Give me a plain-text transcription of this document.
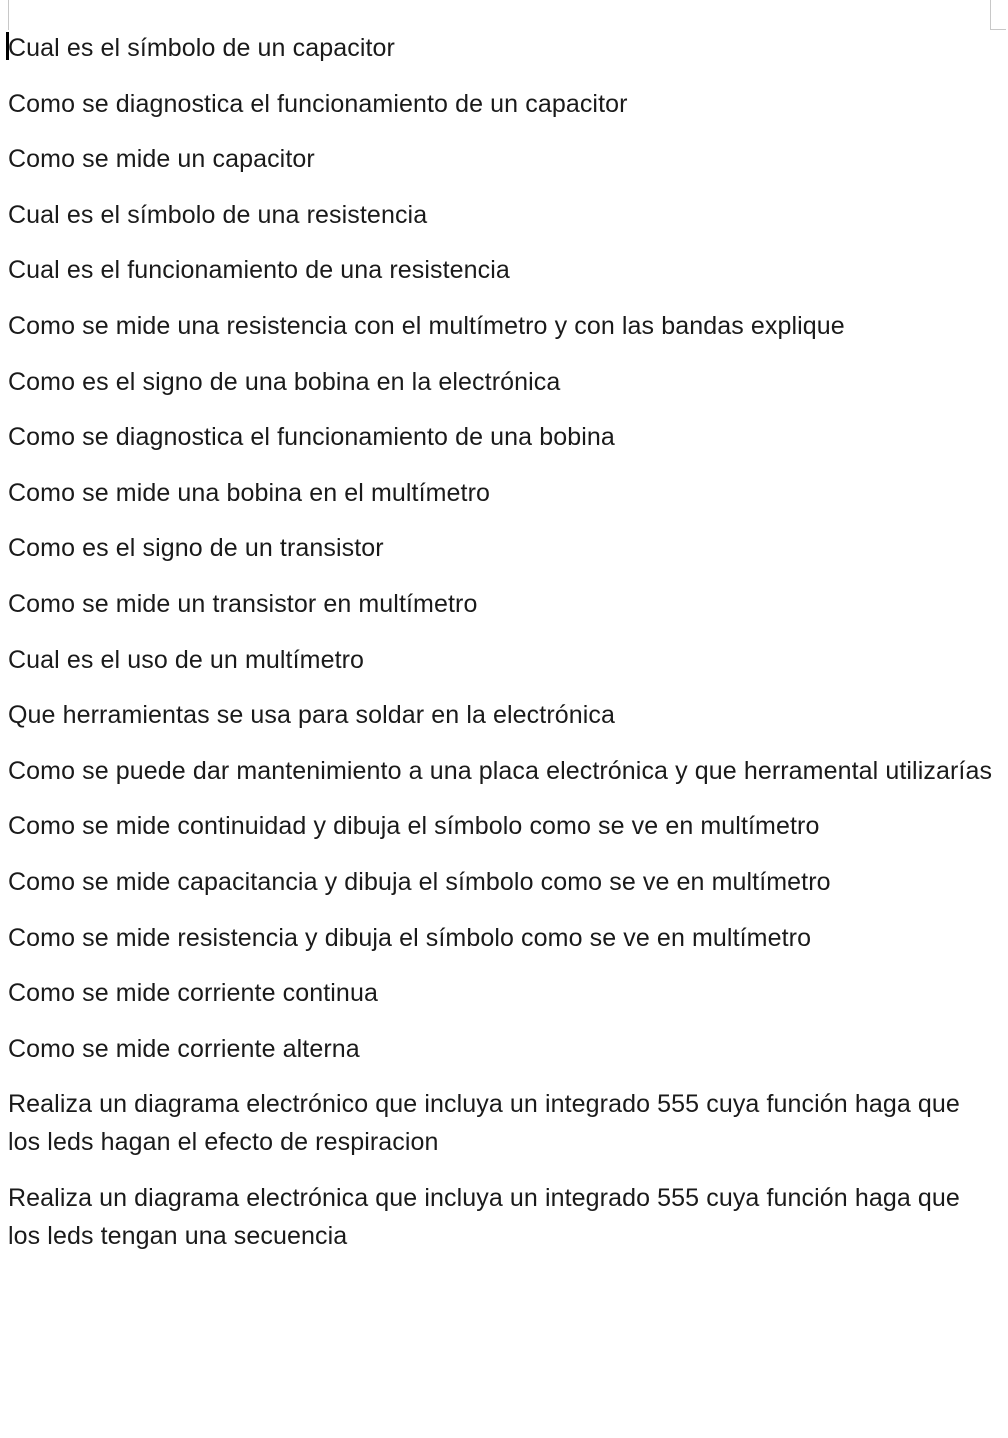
Cual es el símbolo de un capacitor

Como se diagnostica el funcionamiento de un capacitor

Como se mide un capacitor

Cual es el símbolo de una resistencia

Cual es el funcionamiento de una resistencia

Como se mide una resistencia con el multímetro y con las bandas explique

Como es el signo de una bobina en la electrónica

Como se diagnostica el funcionamiento de una bobina

Como se mide una bobina en el multímetro

Como es el signo de un transistor

Como se mide un transistor en multímetro

Cual es el uso de un multímetro

Que herramientas se usa para soldar en la electrónica

Como se puede dar mantenimiento a una placa electrónica y que herramental utilizarías

Como se mide continuidad y dibuja el símbolo como se ve en multímetro

Como se mide capacitancia y dibuja el símbolo como se ve en multímetro

Como se mide resistencia y dibuja el símbolo como se ve en multímetro

Como se mide corriente continua

Como se mide corriente alterna

Realiza un diagrama electrónico que incluya un integrado 555 cuya función haga que los leds hagan el efecto de respiracion

Realiza un diagrama electrónica que incluya un integrado 555 cuya función haga que los leds tengan una secuencia
